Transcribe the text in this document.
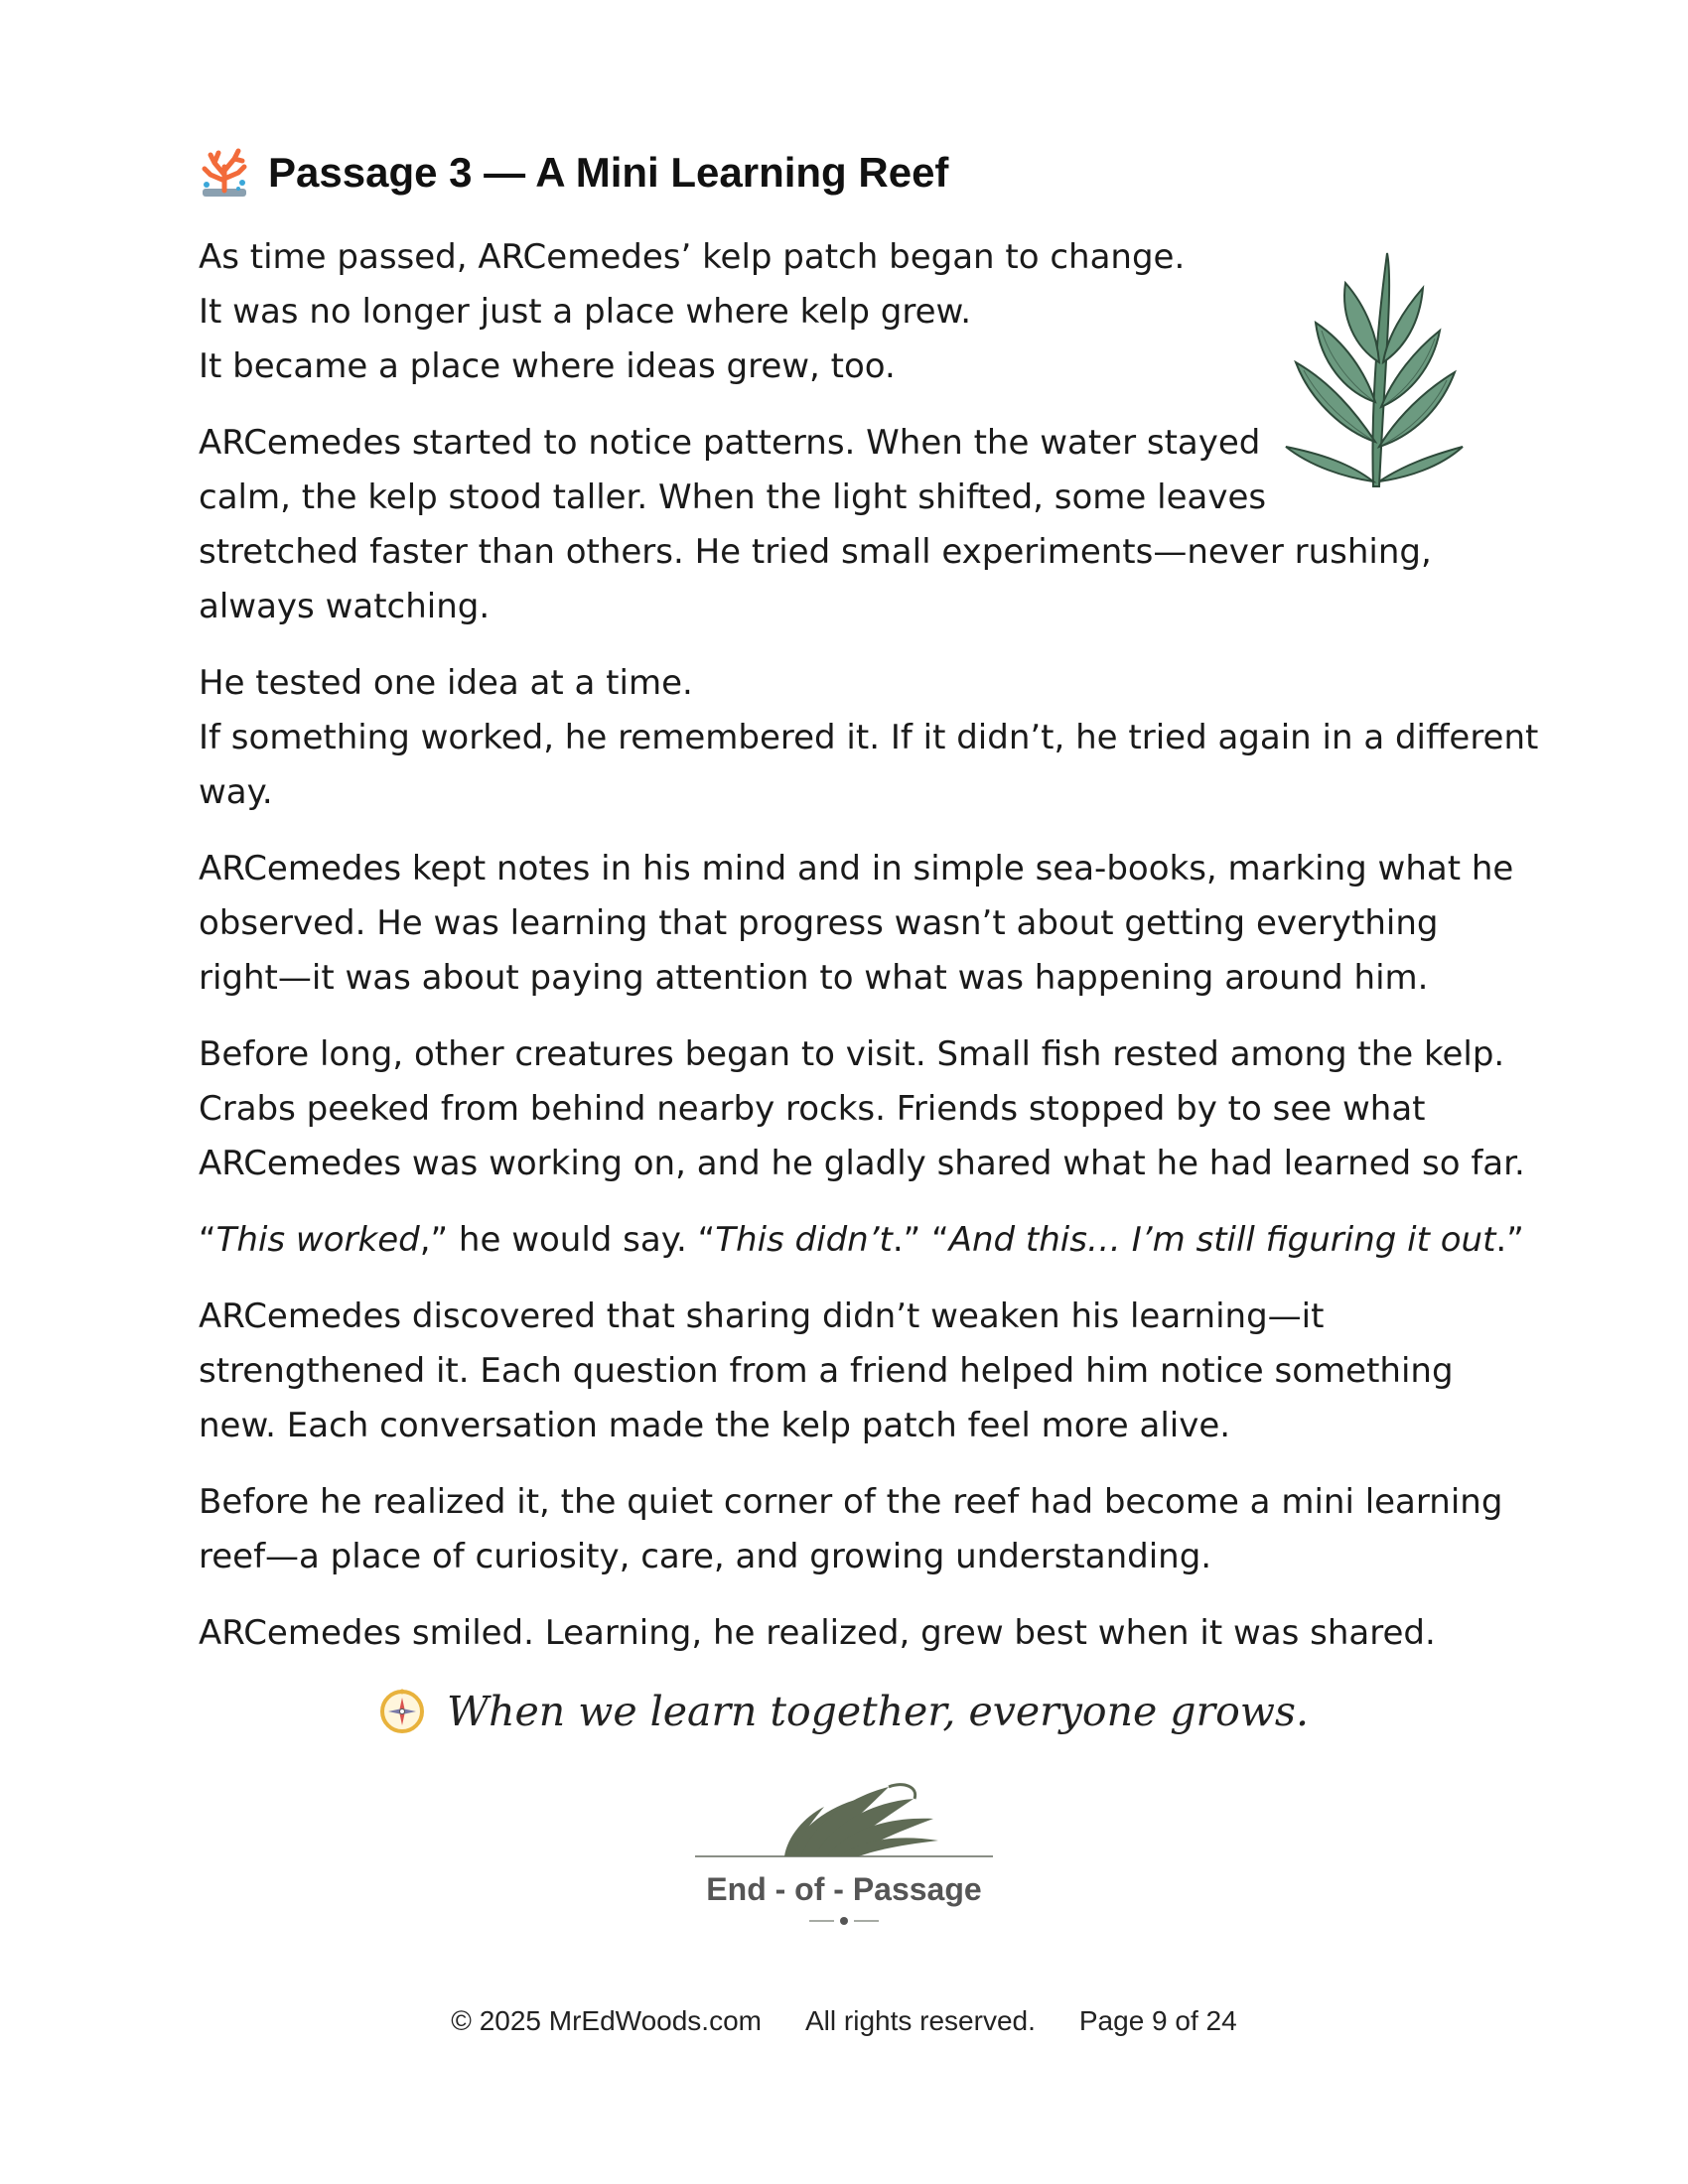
Passage 3 — A Mini Learning Reef

As time passed, ARCemedes’ kelp patch began to change.
It was no longer just a place where kelp grew.
It became a place where ideas grew, too.

ARCemedes started to notice patterns. When the water stayed
calm, the kelp stood taller. When the light shifted, some leaves
stretched faster than others. He tried small experiments—never rushing,
always watching.

He tested one idea at a time.
If something worked, he remembered it. If it didn’t, he tried again in a different
way.

ARCemedes kept notes in his mind and in simple sea-books, marking what he
observed. He was learning that progress wasn’t about getting everything
right—it was about paying attention to what was happening around him.

Before long, other creatures began to visit. Small fish rested among the kelp.
Crabs peeked from behind nearby rocks. Friends stopped by to see what
ARCemedes was working on, and he gladly shared what he had learned so far.

“This worked,” he would say. “This didn’t.” “And this… I’m still figuring it out.”

ARCemedes discovered that sharing didn’t weaken his learning—it
strengthened it. Each question from a friend helped him notice something
new. Each conversation made the kelp patch feel more alive.

Before he realized it, the quiet corner of the reef had become a mini learning
reef—a place of curiosity, care, and growing understanding.

ARCemedes smiled. Learning, he realized, grew best when it was shared.

When we learn together, everyone grows.
End - of - Passage
© 2025 MrEdWoods.com All rights reserved. Page 9 of 24
